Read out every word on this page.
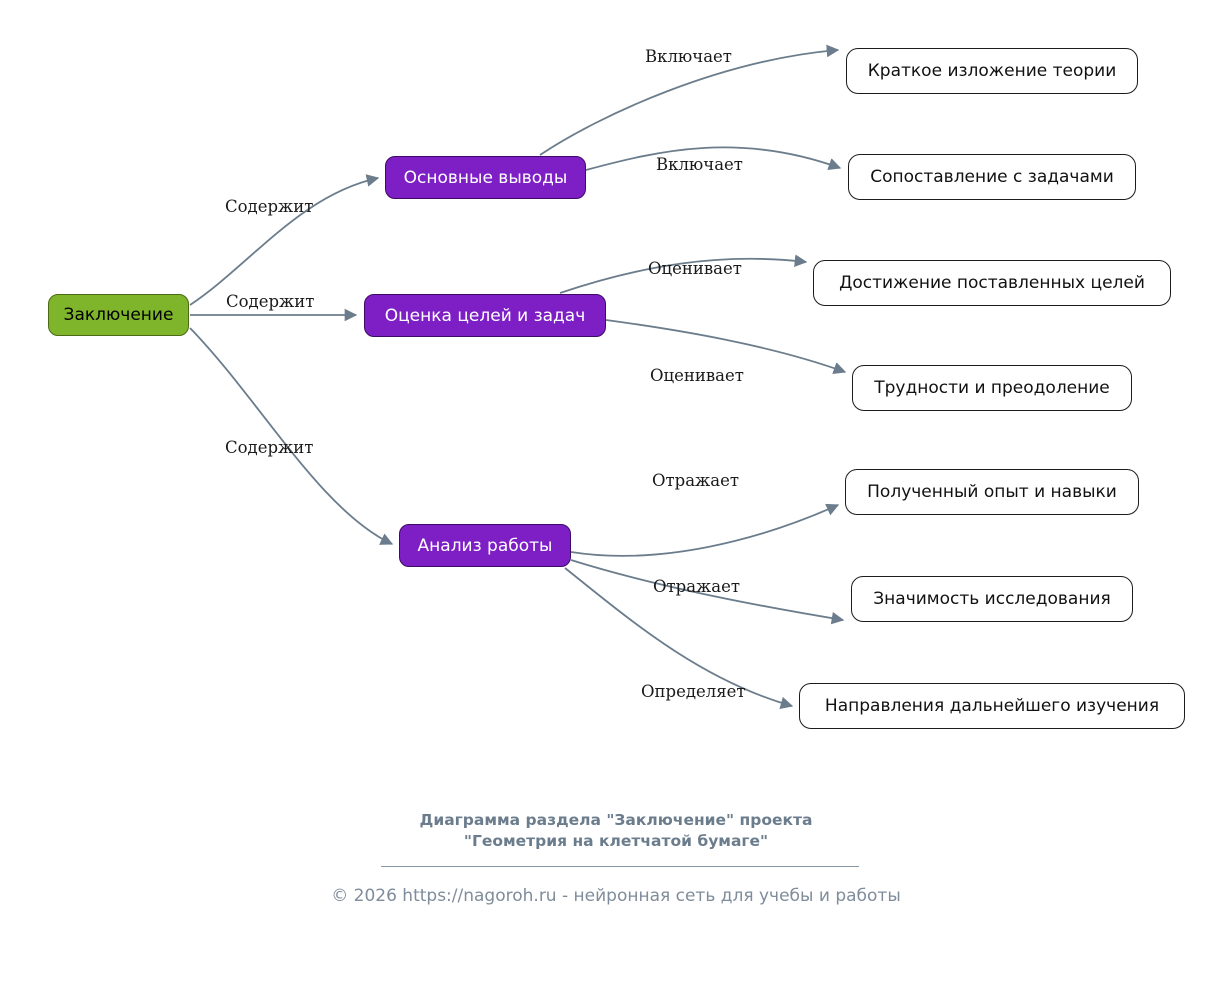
Заключение
Основные выводы
Оценка целей и задач
Анализ работы
Краткое изложение теории
Сопоставление с задачами
Достижение поставленных целей
Трудности и преодоление
Полученный опыт и навыки
Значимость исследования
Направления дальнейшего изучения
Включает
Включает
Содержит
Содержит
Оценивает
Оценивает
Содержит
Отражает
Отражает
Определяет
Диаграмма раздела "Заключение" проекта
"Геометрия на клетчатой бумаге"
© 2026 https://nagoroh.ru - нейронная сеть для учебы и работы
